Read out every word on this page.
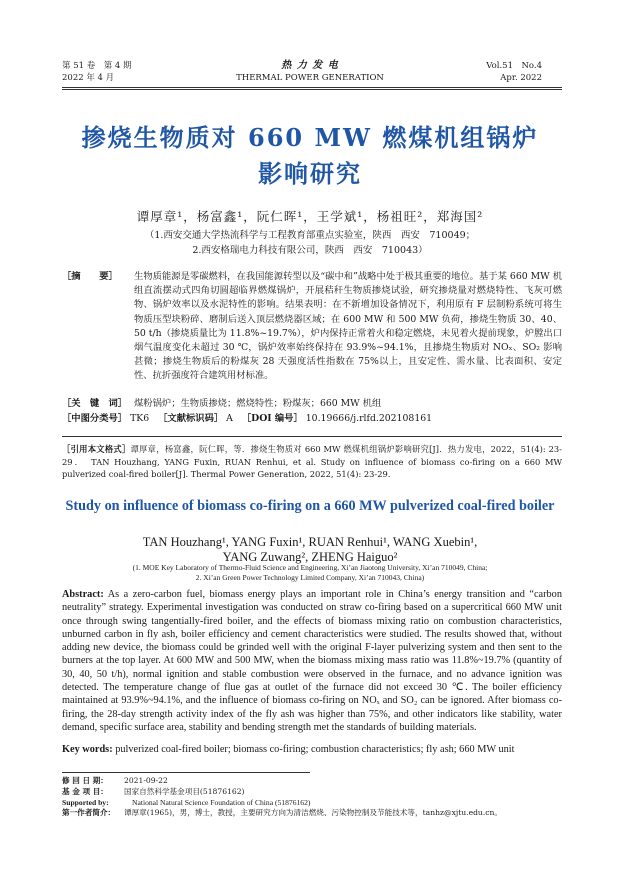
第 51 卷　第 4 期
2022 年 4 月
热 力 发 电
THERMAL POWER GENERATION
Vol.51　No.4
Apr. 2022
掺烧生物质对 660 MW 燃煤机组锅炉
影响研究
谭厚章¹，杨富鑫¹，阮仁晖¹，王学斌¹，杨祖旺²，郑海国²
（1.西安交通大学热流科学与工程教育部重点实验室，陕西　西安　710049；
2.西安格瑞电力科技有限公司，陕西　西安　710043）
［摘　　要］	生物质能源是零碳燃料，在我国能源转型以及“碳中和”战略中处于极其重要的地位。基于某 660 MW 机组直流摆动式四角切圆超临界燃煤锅炉，开展秸秆生物质掺烧试验，研究掺烧量对燃烧特性、飞灰可燃物、锅炉效率以及水泥特性的影响。结果表明：在不新增加设备情况下，利用原有 F 层制粉系统可将生物质压型块粉碎、磨制后送入顶层燃烧器区域；在 600 MW 和 500 MW 负荷，掺烧生物质 30、40、50 t/h（掺烧质量比为 11.8%~19.7%），炉内保持正常着火和稳定燃烧，未见着火提前现象，炉膛出口烟气温度变化未超过 30 ℃，锅炉效率始终保持在 93.9%~94.1%，且掺烧生物质对 NOₓ、SO₂ 影响甚微；掺烧生物质后的粉煤灰 28 天强度活性指数在 75%以上，且安定性、需水量、比表面积、安定性、抗折强度符合建筑用材标准。
［关　键　词］ 煤粉锅炉；生物质掺烧；燃烧特性；粉煤灰；660 MW 机组
［中图分类号］ TK6 ［文献标识码］ A ［DOI 编号］ 10.19666/j.rlfd.202108161
［引用本文格式］谭厚章，杨富鑫，阮仁晖，等．掺烧生物质对 660 MW 燃煤机组锅炉影响研究[J]．热力发电，2022，51(4): 23-29．　TAN Houzhang, YANG Fuxin, RUAN Renhui, et al. Study on influence of biomass co-firing on a 660 MW pulverized coal-fired boiler[J]. Thermal Power Generation, 2022, 51(4): 23-29.
Study on influence of biomass co-firing on a 660 MW pulverized coal-fired boiler
TAN Houzhang¹, YANG Fuxin¹, RUAN Renhui¹, WANG Xuebin¹,
YANG Zuwang², ZHENG Haiguo²
(1. MOE Key Laboratory of Thermo-Fluid Science and Engineering, Xi’an Jiaotong University, Xi’an 710049, China;
2. Xi’an Green Power Technology Limited Company, Xi’an 710043, China)
Abstract: As a zero-carbon fuel, biomass energy plays an important role in China’s energy transition and “carbon neutrality” strategy. Experimental investigation was conducted on straw co-firing based on a supercritical 660 MW unit once through swing tangentially-fired boiler, and the effects of biomass mixing ratio on combustion characteristics, unburned carbon in fly ash, boiler efficiency and cement characteristics were studied. The results showed that, without adding new device, the biomass could be grinded well with the original F-layer pulverizing system and then sent to the burners at the top layer. At 600 MW and 500 MW, when the biomass mixing mass ratio was 11.8%~19.7% (quantity of 30, 40, 50 t/h), normal ignition and stable combustion were observed in the furnace, and no advance ignition was detected. The temperature change of flue gas at outlet of the furnace did not exceed 30 ℃. The boiler efficiency maintained at 93.9%~94.1%, and the influence of biomass co-firing on NOₓ and SO₂ can be ignored. After biomass co-firing, the 28-day strength activity index of the fly ash was higher than 75%, and other indicators like stability, water demand, specific surface area, stability and bending strength met the standards of building materials.
Key words: pulverized coal-fired boiler; biomass co-firing; combustion characteristics; fly ash; 660 MW unit
修 回 日 期： 2021-09-22
基 金 项 目： 国家自然科学基金项目(51876162)
Supported by:	National Natural Science Foundation of China (51876162)
第一作者简介： 谭厚章(1965)，男，博士，教授，主要研究方向为清洁燃烧、污染物控制及节能技术等，tanhz@xjtu.edu.cn。
